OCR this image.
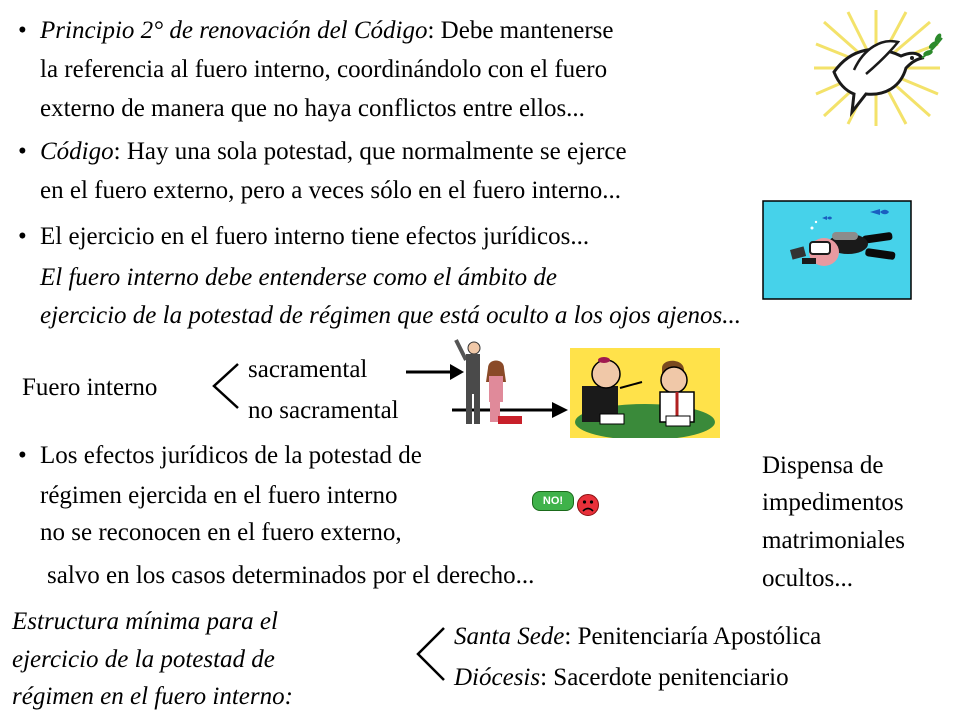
• Principio 2° de renovación del Código: Debe mantenerse
la referencia al fuero interno, coordinándolo con el fuero
externo de manera que no haya conflictos entre ellos...
• Código: Hay una sola potestad, que normalmente se ejerce
en el fuero externo, pero a veces sólo en el fuero interno...
• El ejercicio en el fuero interno tiene efectos jurídicos...
El fuero interno debe entenderse como el ámbito de
ejercicio de la potestad de régimen que está oculto a los ojos ajenos...
Fuero interno
sacramental
no sacramental
• Los efectos jurídicos de la potestad de
régimen ejercida en el fuero interno
no se reconocen en el fuero externo,
salvo en los casos determinados por el derecho...
NO!
Dispensa de
impedimentos
matrimoniales
ocultos...
Estructura mínima para el
ejercicio de la potestad de
régimen en el fuero interno:
Santa Sede: Penitenciaría Apostólica
Diócesis: Sacerdote penitenciario
